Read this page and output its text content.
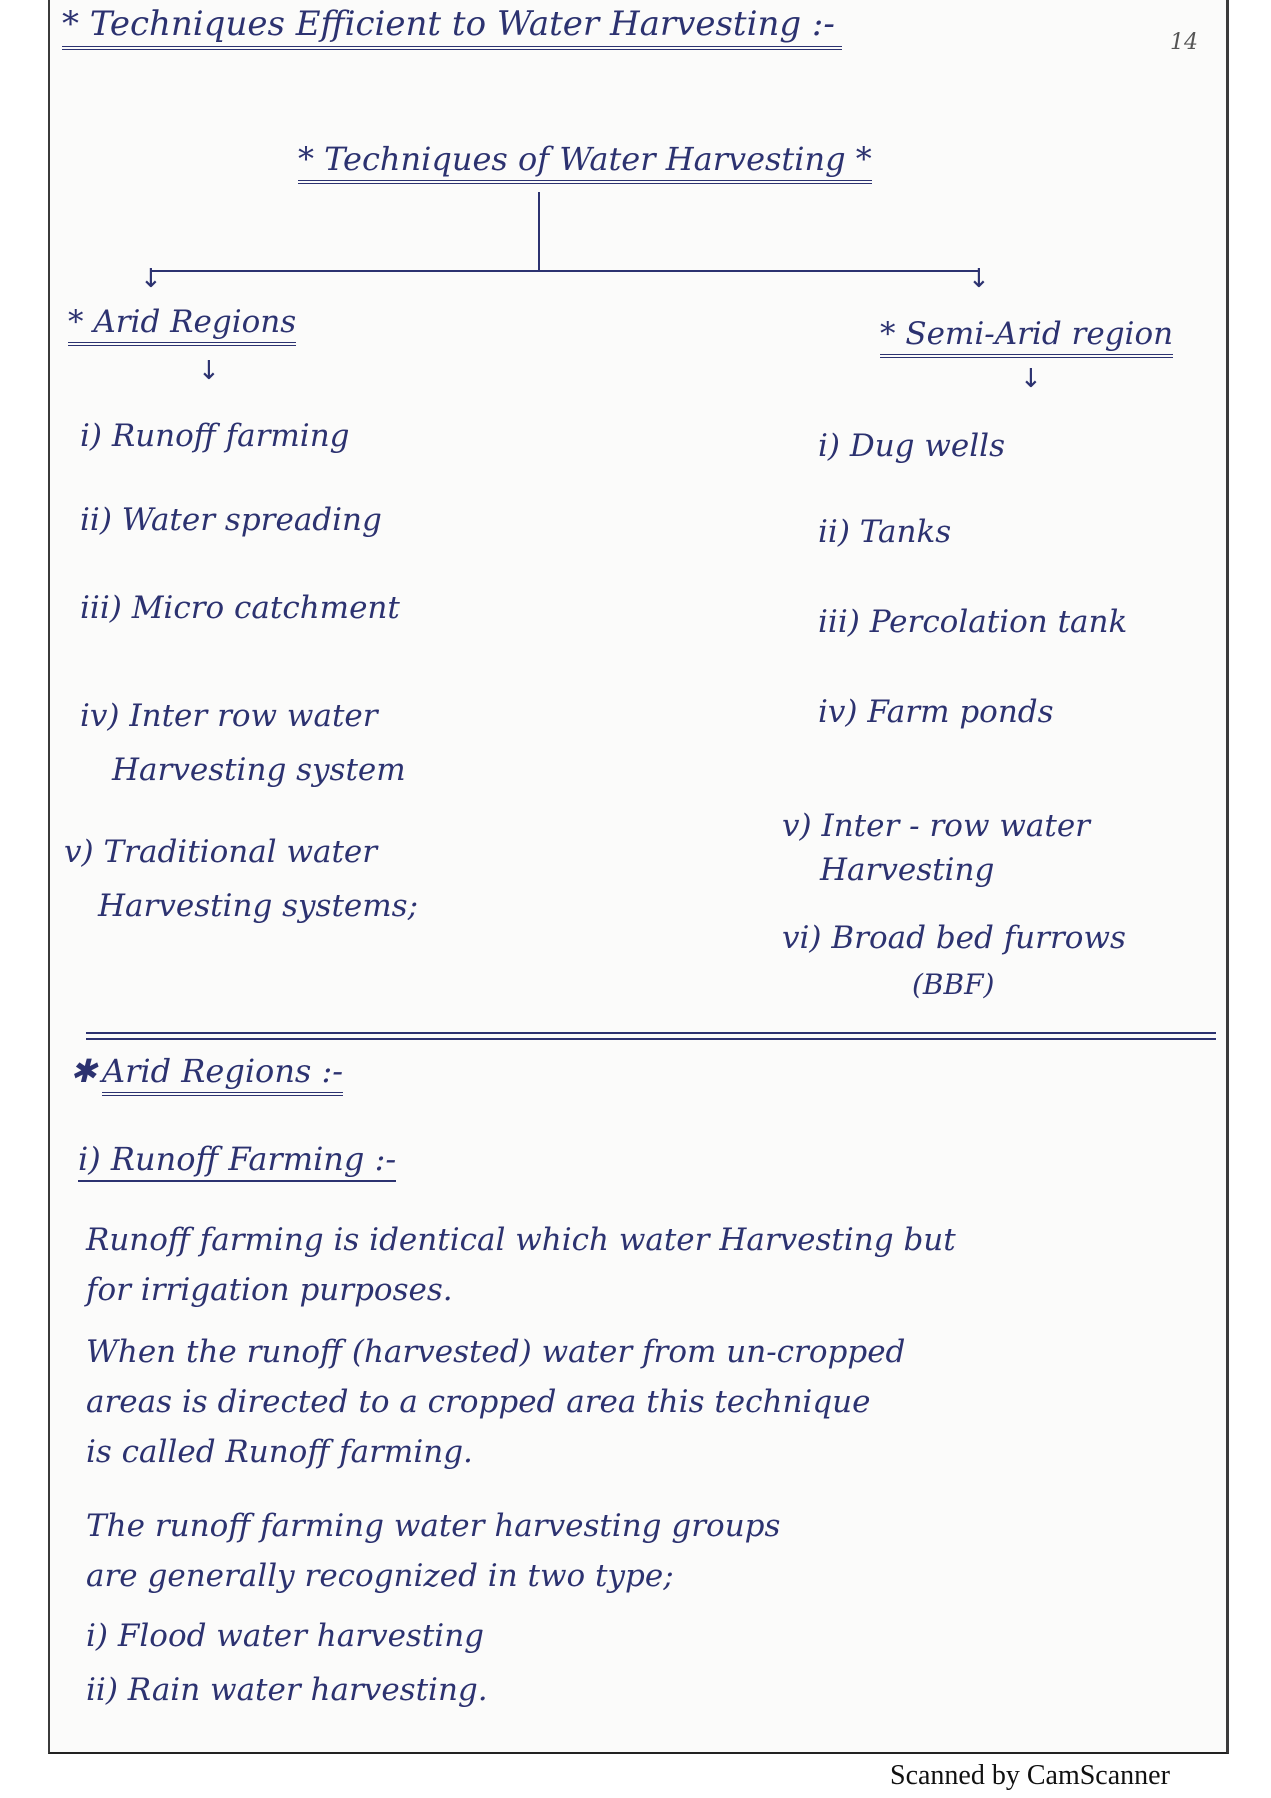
* Techniques Efficient to Water Harvesting :-	14
* Techniques of Water Harvesting *
↓	↓
* Arid Regions
↓
i) Runoff farming
ii) Water spreading
iii) Micro catchment
iv) Inter row water
Harvesting system
v) Traditional water
Harvesting systems;
* Semi-Arid region
↓
i) Dug wells
ii) Tanks
iii) Percolation tank
iv) Farm ponds
v) Inter - row water
Harvesting
vi) Broad bed furrows
(BBF)
✱ Arid Regions :-
i) Runoff Farming :-
Runoff farming is identical which water Harvesting but
for irrigation purposes.
When the runoff (harvested) water from un-cropped
areas is directed to a cropped area this technique
is called Runoff farming.
The runoff farming water harvesting groups
are generally recognized in two type;
i) Flood water harvesting
ii) Rain water harvesting.
Scanned by CamScanner
